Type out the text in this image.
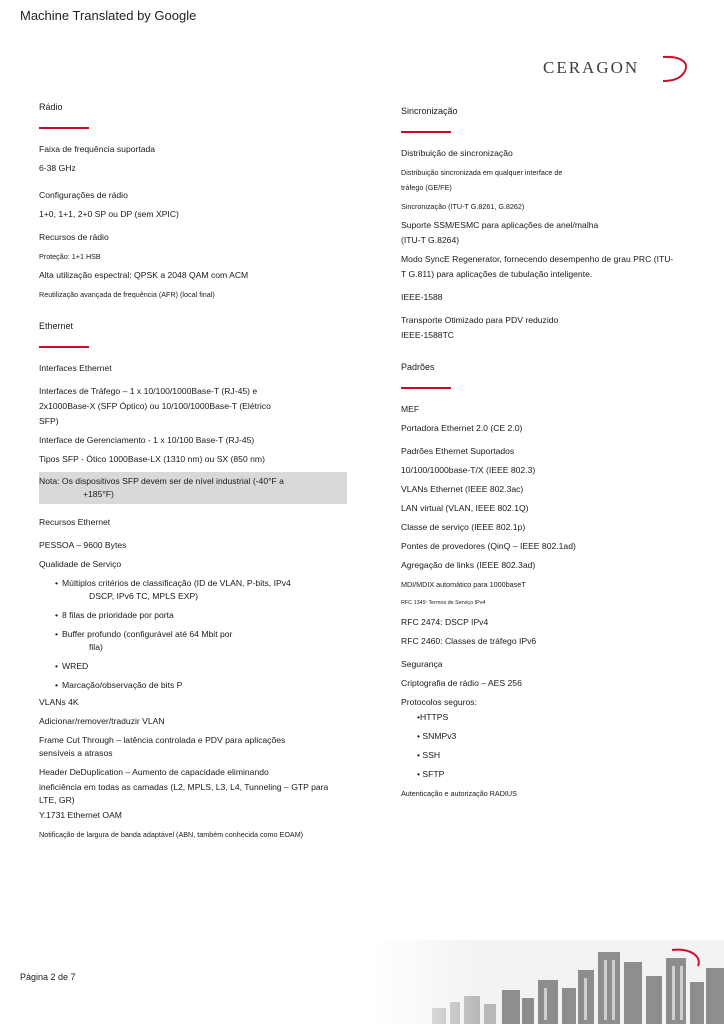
Machine Translated by Google
CERAGON
Rádio
Faixa de frequência suportada
6-38 GHz
Configurações de rádio
1+0, 1+1, 2+0 SP ou DP (sem XPIC)
Recursos de rádio
Proteção: 1+1 HSB
Alta utilização espectral: QPSK a 2048 QAM com ACM
Reutilização avançada de frequência (AFR) (local final)
Ethernet
Interfaces Ethernet
Interfaces de Tráfego – 1 x 10/100/1000Base-T (RJ-45) e
2x1000Base-X (SFP Óptico) ou 10/100/1000Base-T (Elétrico
SFP)
Interface de Gerenciamento - 1 x 10/100 Base-T (RJ-45)
Tipos SFP - Ótico 1000Base-LX (1310 nm) ou SX (850 nm)
Nota: Os dispositivos SFP devem ser de nível industrial (-40°F a
+185°F)
Recursos Ethernet
PESSOA – 9600 Bytes
Qualidade de Serviço
• Múltiplos critérios de classificação (ID de VLAN, P-bits, IPv4
DSCP, IPv6 TC, MPLS EXP)
• 8 filas de prioridade por porta
• Buffer profundo (configurável até 64 Mbit por
fila)
• WRED
• Marcação/observação de bits P
VLANs 4K
Adicionar/remover/traduzir VLAN
Frame Cut Through – latência controlada e PDV para aplicações
sensíveis a atrasos
Header DeDuplication – Aumento de capacidade eliminando
ineficiência em todas as camadas (L2, MPLS, L3, L4, Tunneling – GTP para
LTE, GR)
Y.1731 Ethernet OAM
Notificação de largura de banda adaptável (ABN, também conhecida como EOAM)
Sincronização
Distribuição de sincronização
Distribuição sincronizada em qualquer interface de
tráfego (GE/FE)
Sincronização (ITU-T G.8261, G.8262)
Suporte SSM/ESMC para aplicações de anel/malha
(ITU-T G.8264)
Modo SyncE Regenerator, fornecendo desempenho de grau PRC (ITU-
T G.811) para aplicações de tubulação inteligente.
IEEE-1588
Transporte Otimizado para PDV reduzido
IEEE-1588TC
Padrões
MEF
Portadora Ethernet 2.0 (CE 2.0)
Padrões Ethernet Suportados
10/100/1000base-T/X (IEEE 802.3)
VLANs Ethernet (IEEE 802.3ac)
LAN virtual (VLAN, IEEE 802.1Q)
Classe de serviço (IEEE 802.1p)
Pontes de provedores (QinQ – IEEE 802.1ad)
Agregação de links (IEEE 802.3ad)
MDI/MDIX automático para 1000baseT
RFC 1349: Termos de Serviço IPv4
RFC 2474: DSCP IPv4
RFC 2460: Classes de tráfego IPv6
Segurança
Criptografia de rádio – AES 256
Protocolos seguros:
•HTTPS
• SNMPv3
• SSH
• SFTP
Autenticação e autorização RADIUS
Página 2 de 7
